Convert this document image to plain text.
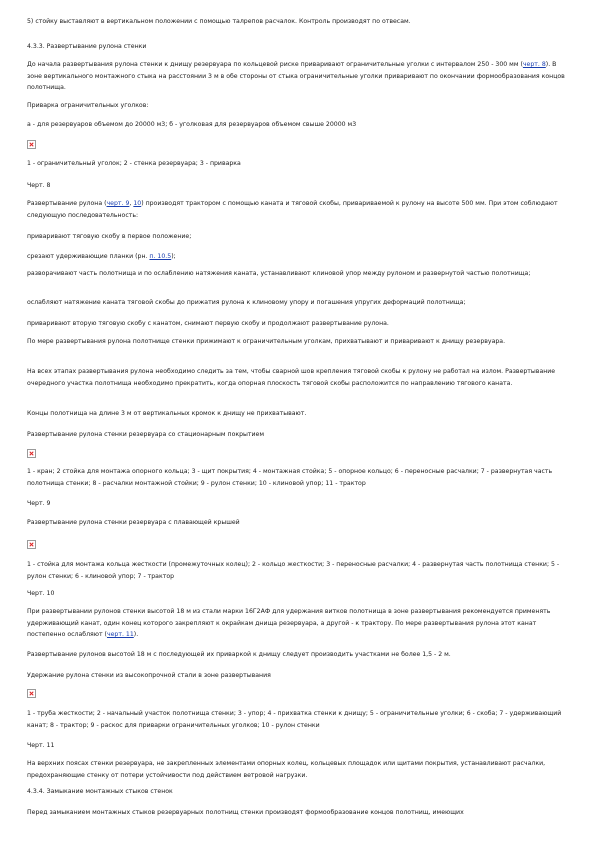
5) стойку выставляют в вертикальном положении с помощью талрепов расчалок. Контроль производят по отвесам.

4.3.3. Развертывание рулона стенки

До начала развертывания рулона стенки к днищу резервуара по кольцевой риске приваривают ограничительные уголки с интервалом 250 - 300 мм (черт. 8). В зоне вертикального монтажного стыка на расстоянии 3 м в обе стороны от стыка ограничительные уголки приваривают по окончании формообразования концов полотнища.

Приварка ограничительных уголков:

а - для резервуаров объемом до 20000 м3; б - уголковая для резервуаров объемом свыше 20000 м3

1 - ограничительный уголок; 2 - стенка резервуара; 3 - приварка

Черт. 8

Развертывание рулона (черт. 9, 10) производят трактором с помощью каната и тяговой скобы, привариваемой к рулону на высоте 500 мм. При этом соблюдают следующую последовательность:

приваривают тяговую скобу в первое положение;

срезают удерживающие планки (рн. п. 10.5);

разворачивают часть полотнища и по ослаблению натяжения каната, устанавливают клиновой упор между рулоном и развернутой частью полотнища;

ослабляют натяжение каната тяговой скобы до прижатия рулона к клиновому упору и погашения упругих деформаций полотнища;

приваривают вторую тяговую скобу с канатом, снимают первую скобу и продолжают развертывание рулона.

По мере развертывания рулона полотнище стенки прижимают к ограничительным уголкам, прихватывают и приваривают к днищу резервуара.

На всех этапах развертывания рулона необходимо следить за тем, чтобы сварной шов крепления тяговой скобы к рулону не работал на излом. Развертывание очередного участка полотнища необходимо прекратить, когда опорная плоскость тяговой скобы расположится по направлению тягового каната.

Концы полотнища на длине 3 м от вертикальных кромок к днищу не прихватывают.

Развертывание рулона стенки резервуара со стационарным покрытием

1 - кран; 2 стойка для монтажа опорного кольца; 3 - щит покрытия; 4 - монтажная стойка; 5 - опорное кольцо; 6 - переносные расчалки; 7 - развернутая часть полотнища стенки; 8 - расчалки монтажной стойки; 9 - рулон стенки; 10 - клиновой упор; 11 - трактор

Черт. 9

Развертывание рулона стенки резервуара с плавающей крышей

1 - стойка для монтажа кольца жесткости (промежуточных колец); 2 - кольцо жесткости; 3 - переносные расчалки; 4 - развернутая часть полотнища стенки; 5 - рулон стенки; 6 - клиновой упор; 7 - трактор

Черт. 10

При развертывании рулонов стенки высотой 18 м из стали марки 16Г2АФ для удержания витков полотнища в зоне развертывания рекомендуется применять удерживающий канат, один конец которого закрепляют к окрайкам днища резервуара, а другой - к трактору. По мере развертывания рулона этот канат постепенно ослабляют (черт. 11).

Развертывание рулонов высотой 18 м с последующей их приваркой к днищу следует производить участками не более 1,5 - 2 м.

Удержание рулона стенки из высокопрочной стали в зоне развертывания

1 - труба жесткости; 2 - начальный участок полотнища стенки; 3 - упор; 4 - прихватка стенки к днищу; 5 - ограничительные уголки; 6 - скоба; 7 - удерживающий канат; 8 - трактор; 9 - раскос для приварки ограничительных уголков; 10 - рулон стенки

Черт. 11

На верхних поясах стенки резервуара, не закрепленных элементами опорных колец, кольцевых площадок или щитами покрытия, устанавливают расчалки, предохраняющие стенку от потери устойчивости под действием ветровой нагрузки.

4.3.4. Замыкание монтажных стыков стенок

Перед замыканием монтажных стыков резервуарных полотнищ стенки производят формообразование концов полотнищ, имеющих
